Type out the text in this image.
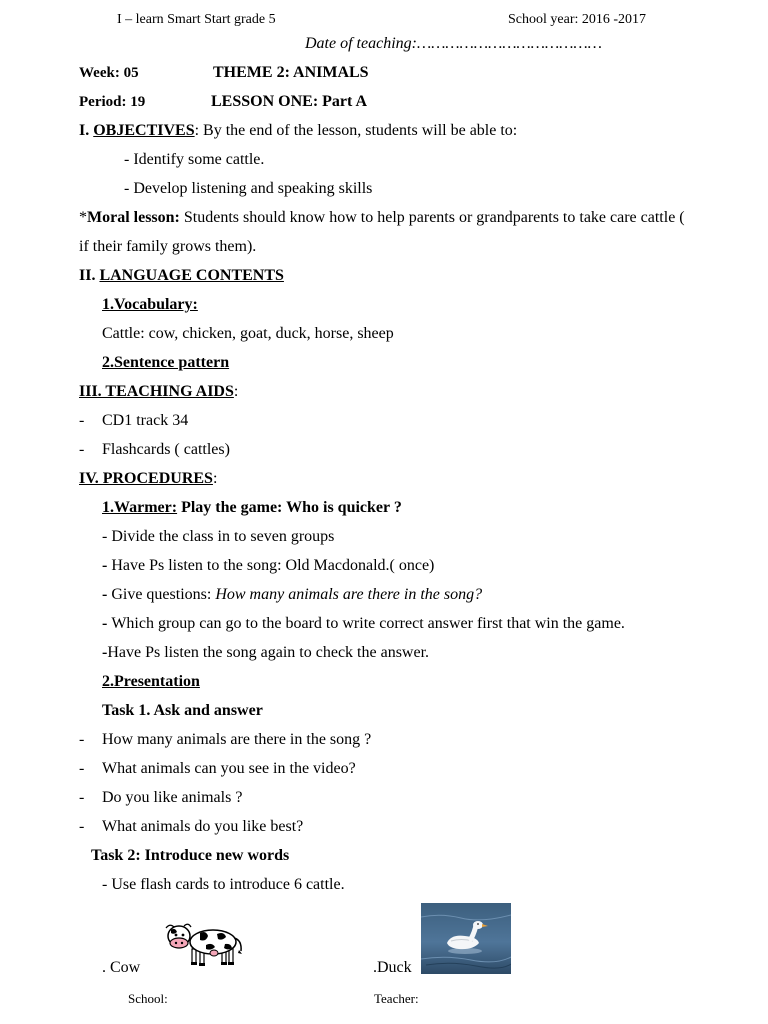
I – learn Smart Start grade 5	School year: 2016 -2017
Date of teaching:…………………………………
Week: 05	THEME 2: ANIMALS
Period: 19	LESSON ONE: Part A
I. OBJECTIVES: By the end of the lesson, students will be able to:
- Identify some cattle.
- Develop listening and speaking skills
*Moral lesson: Students should know how to help parents or grandparents to take care cattle (
if their family grows them).
II. LANGUAGE CONTENTS
1.Vocabulary:
Cattle: cow, chicken, goat, duck, horse, sheep
2.Sentence pattern
III. TEACHING AIDS:
- CD1 track 34
- Flashcards ( cattles)
IV. PROCEDURES:
1.Warmer: Play the game: Who is quicker ?
- Divide the class in to seven groups
- Have Ps listen to the song: Old Macdonald.( once)
- Give questions: How many animals are there in the song?
- Which group can go to the board to write correct answer first that win the game.
-Have Ps listen the song again to check the answer.
2.Presentation
Task 1. Ask and answer
- How many animals are there in the song ?
- What animals can you see in the video?
- Do you like animals ?
- What animals do you like best?
Task 2: Introduce new words
- Use flash cards to introduce 6 cattle.
. Cow	.Duck
School:	Teacher:
